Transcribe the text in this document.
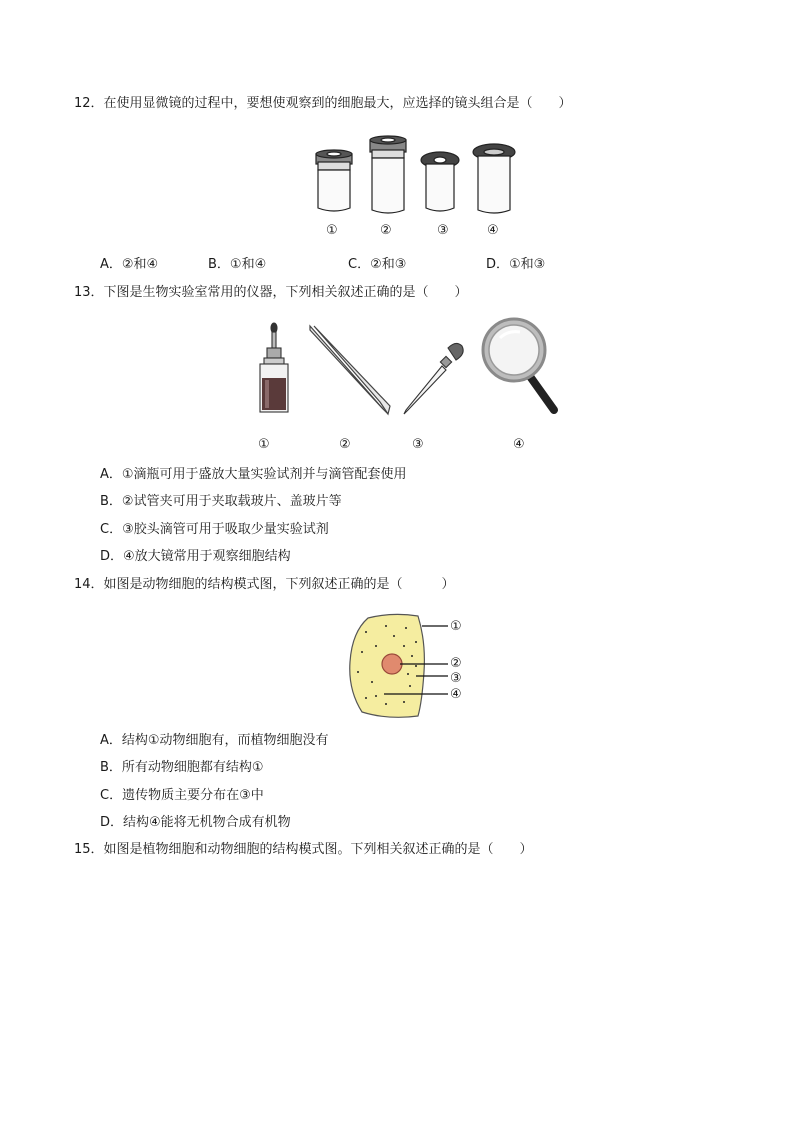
12．在使用显微镜的过程中，要想使观察到的细胞最大，应选择的镜头组合是（　　）
①	②	③	④
A．②和④	B．①和④	C．②和③	D．①和③
13．下图是生物实验室常用的仪器，下列相关叙述正确的是（　　）
①	②	③	④
A．①滴瓶可用于盛放大量实验试剂并与滴管配套使用
B．②试管夹可用于夹取载玻片、盖玻片等
C．③胶头滴管可用于吸取少量实验试剂
D．④放大镜常用于观察细胞结构
14．如图是动物细胞的结构模式图，下列叙述正确的是（　　　）
①
②
③
④
A．结构①动物细胞有，而植物细胞没有
B．所有动物细胞都有结构①
C．遗传物质主要分布在③中
D．结构④能将无机物合成有机物
15．如图是植物细胞和动物细胞的结构模式图。下列相关叙述正确的是（　　）
